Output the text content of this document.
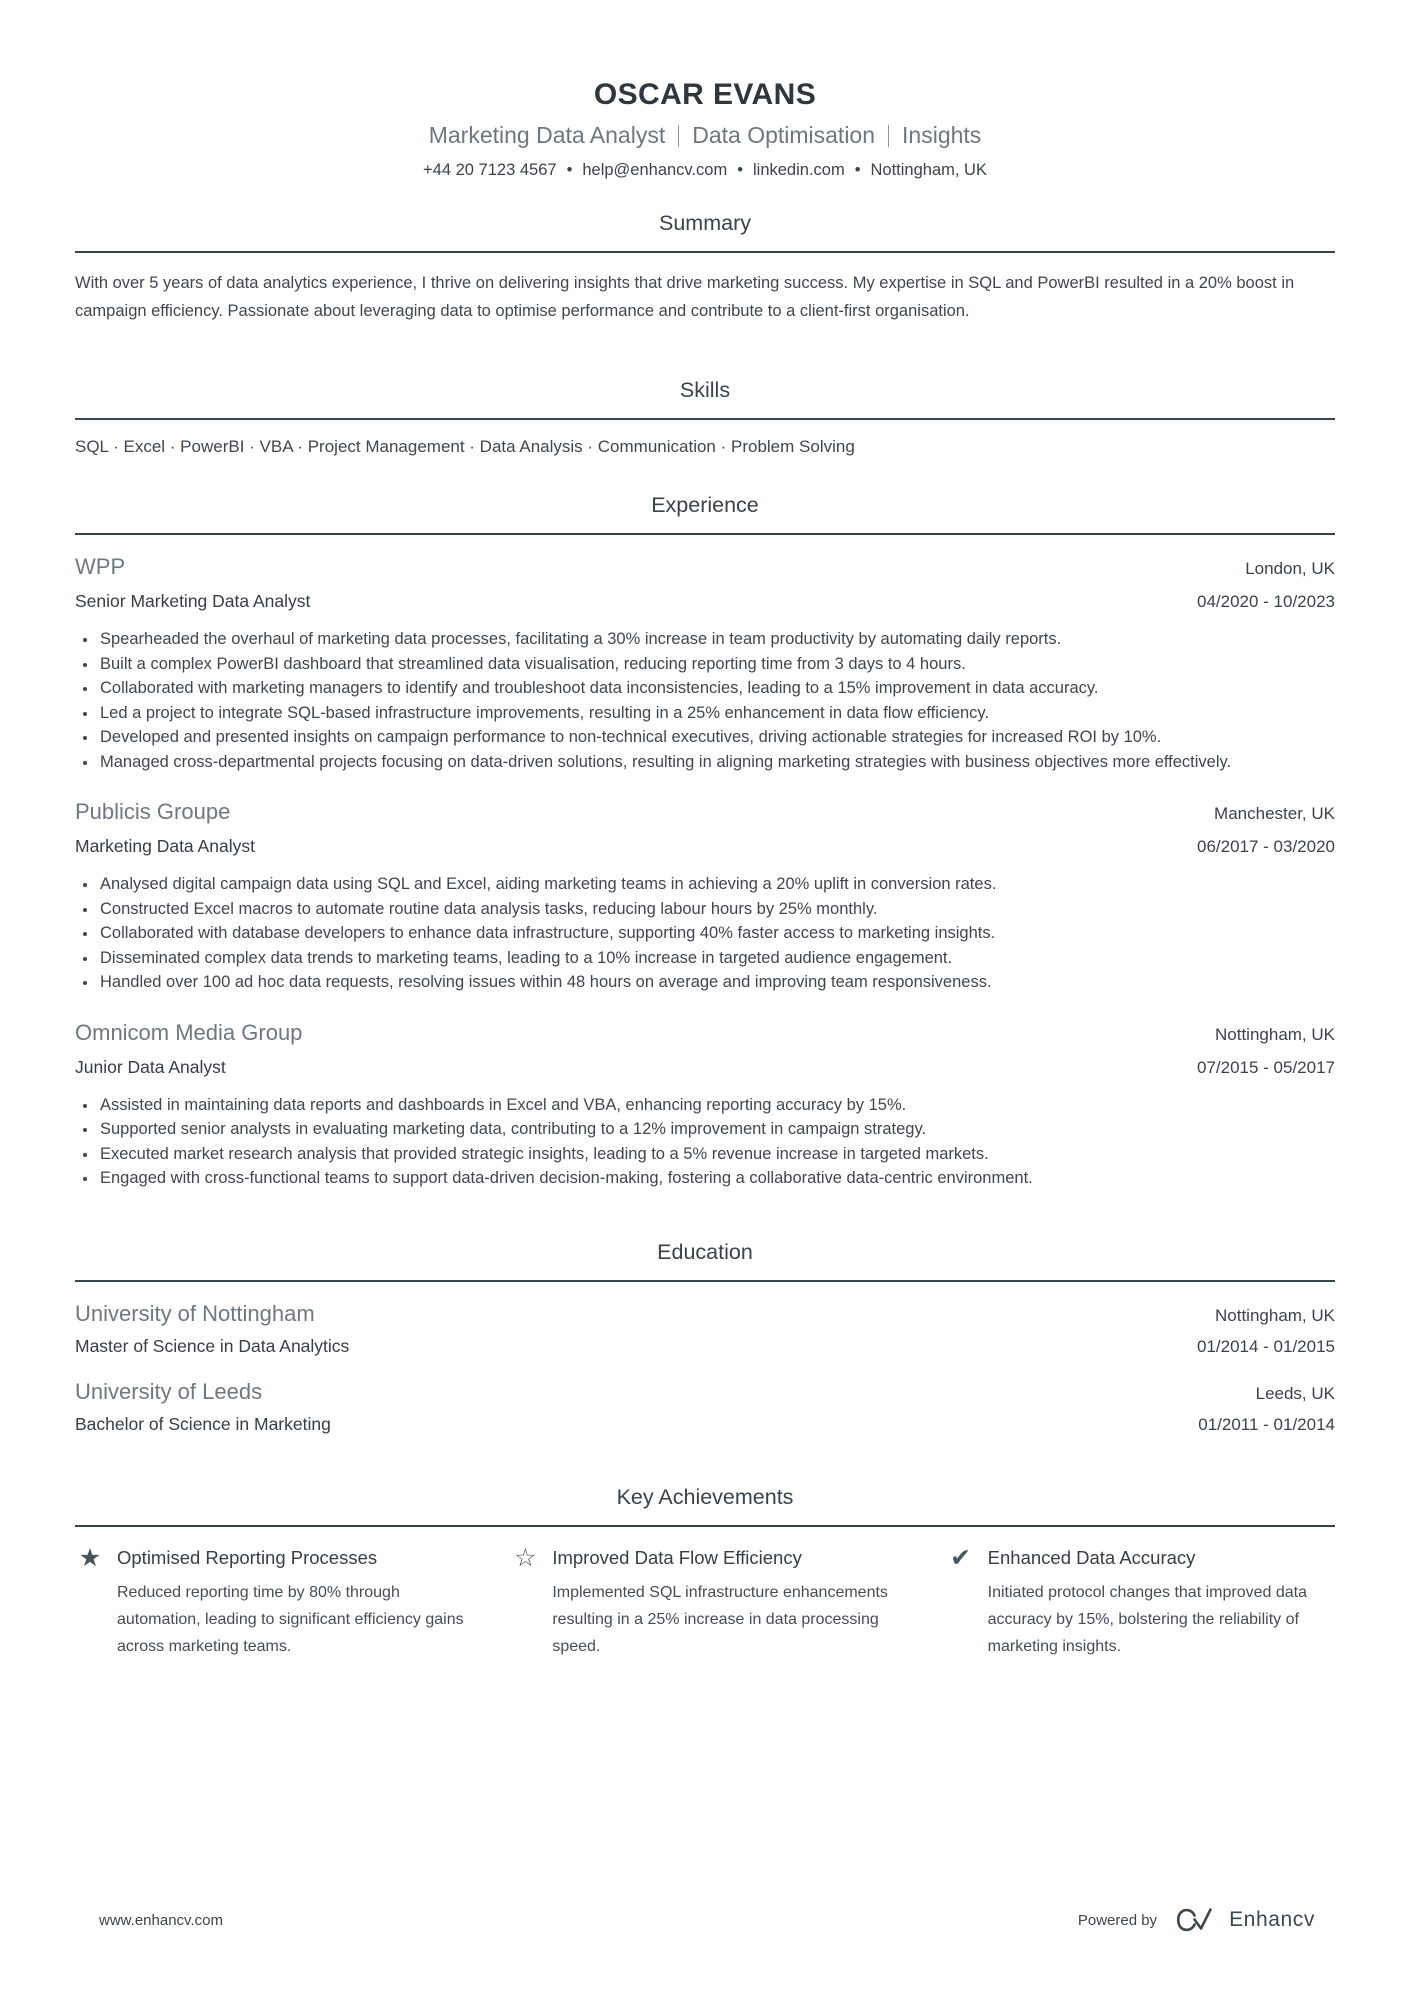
OSCAR EVANS
Marketing Data Analyst Data Optimisation Insights
+44 20 7123 4567 • help@enhancv.com • linkedin.com • Nottingham, UK
Summary

With over 5 years of data analytics experience, I thrive on delivering insights that drive marketing success. My expertise in SQL and PowerBI resulted in a 20% boost in campaign efficiency. Passionate about leveraging data to optimise performance and contribute to a client-first organisation.

Skills

SQL · Excel · PowerBI · VBA · Project Management · Data Analysis · Communication · Problem Solving

Experience
WPP	London, UK
Senior Marketing Data Analyst	04/2020 - 10/2023
• Spearheaded the overhaul of marketing data processes, facilitating a 30% increase in team productivity by automating daily reports.
• Built a complex PowerBI dashboard that streamlined data visualisation, reducing reporting time from 3 days to 4 hours.
• Collaborated with marketing managers to identify and troubleshoot data inconsistencies, leading to a 15% improvement in data accuracy.
• Led a project to integrate SQL-based infrastructure improvements, resulting in a 25% enhancement in data flow efficiency.
• Developed and presented insights on campaign performance to non-technical executives, driving actionable strategies for increased ROI by 10%.
• Managed cross-departmental projects focusing on data-driven solutions, resulting in aligning marketing strategies with business objectives more effectively.
Publicis Groupe	Manchester, UK
Marketing Data Analyst	06/2017 - 03/2020
• Analysed digital campaign data using SQL and Excel, aiding marketing teams in achieving a 20% uplift in conversion rates.
• Constructed Excel macros to automate routine data analysis tasks, reducing labour hours by 25% monthly.
• Collaborated with database developers to enhance data infrastructure, supporting 40% faster access to marketing insights.
• Disseminated complex data trends to marketing teams, leading to a 10% increase in targeted audience engagement.
• Handled over 100 ad hoc data requests, resolving issues within 48 hours on average and improving team responsiveness.
Omnicom Media Group	Nottingham, UK
Junior Data Analyst	07/2015 - 05/2017
• Assisted in maintaining data reports and dashboards in Excel and VBA, enhancing reporting accuracy by 15%.
• Supported senior analysts in evaluating marketing data, contributing to a 12% improvement in campaign strategy.
• Executed market research analysis that provided strategic insights, leading to a 5% revenue increase in targeted markets.
• Engaged with cross-functional teams to support data-driven decision-making, fostering a collaborative data-centric environment.
Education
University of Nottingham	Nottingham, UK
Master of Science in Data Analytics	01/2014 - 01/2015
University of Leeds	Leeds, UK
Bachelor of Science in Marketing	01/2011 - 01/2014
Key Achievements
★ Optimised Reporting Processes

Reduced reporting time by 80% through automation, leading to significant efficiency gains across marketing teams.

☆ Improved Data Flow Efficiency

Implemented SQL infrastructure enhancements resulting in a 25% increase in data processing speed.

✔ Enhanced Data Accuracy

Initiated protocol changes that improved data accuracy by 15%, bolstering the reliability of marketing insights.

www.enhancv.com	Powered by	Enhancv
